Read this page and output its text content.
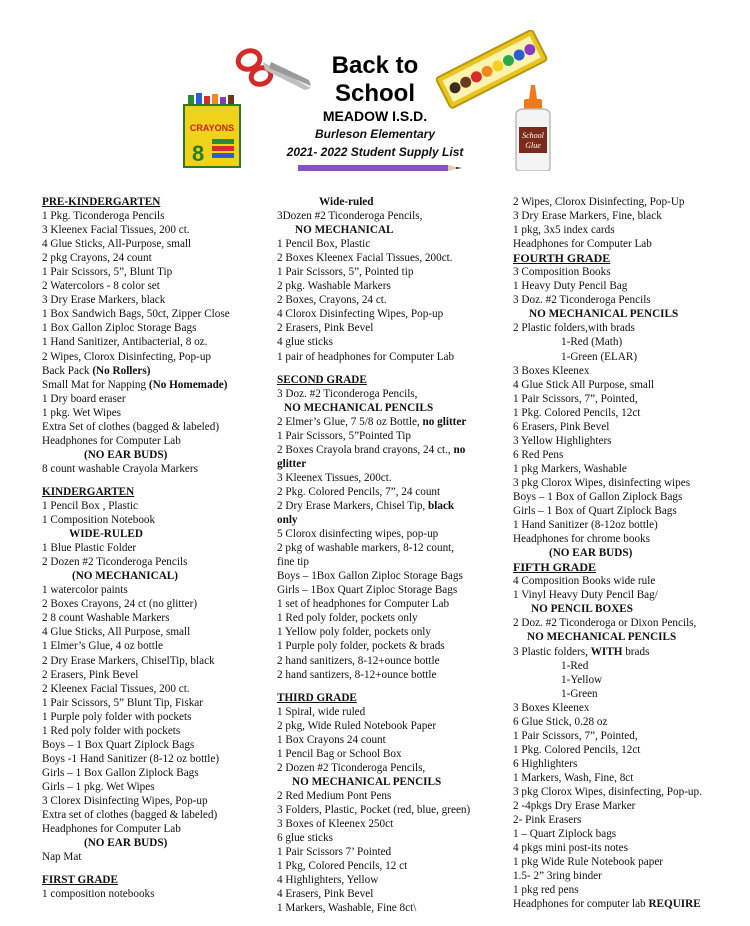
Back to
School
CRAYONS
8
MEADOW I.S.D.
Burleson Elementary
2021- 2022 Student Supply List
School
Glue
PRE-KINDERGARTEN
1 Pkg. Ticonderoga Pencils
3 Kleenex Facial Tissues, 200 ct.
4 Glue Sticks, All-Purpose, small
2 pkg Crayons, 24 count
1 Pair Scissors, 5”, Blunt Tip
2 Watercolors - 8 color set
3 Dry Erase Markers, black
1 Box Sandwich Bags, 50ct, Zipper Close
1 Box Gallon Ziploc Storage Bags
1 Hand Sanitizer, Antibacterial, 8 oz.
2 Wipes, Clorox Disinfecting, Pop-up
Back Pack (No Rollers)
Small Mat for Napping (No Homemade)
1 Dry board eraser
1 pkg. Wet Wipes
Extra Set of clothes (bagged & labeled)
Headphones for Computer Lab
(NO EAR BUDS)
8 count washable Crayola Markers
KINDERGARTEN
1 Pencil Box , Plastic
1 Composition Notebook
WIDE-RULED
1 Blue Plastic Folder
2 Dozen #2 Ticonderoga Pencils
(NO MECHANICAL)
1 watercolor paints
2 Boxes Crayons, 24 ct (no glitter)
2 8 count Washable Markers
4 Glue Sticks, All Purpose, small
1 Elmer’s Glue, 4 oz bottle
2 Dry Erase Markers, ChiselTip, black
2 Erasers, Pink Bevel
2 Kleenex Facial Tissues, 200 ct.
1 Pair Scissors, 5” Blunt Tip, Fiskar
1 Purple poly folder with pockets
1 Red poly folder with pockets
Boys – 1 Box Quart Ziplock Bags
Boys -1 Hand Sanitizer (8-12 oz bottle)
Girls – 1 Box Gallon Ziplock Bags
Girls – 1 pkg. Wet Wipes
3 Clorex Disinfecting Wipes, Pop-up
Extra set of clothes (bagged & labeled)
Headphones for Computer Lab
(NO EAR BUDS)
Nap Mat
FIRST GRADE
1 composition notebooks
Wide-ruled
3Dozen #2 Ticonderoga Pencils,
NO MECHANICAL
1 Pencil Box, Plastic
2 Boxes Kleenex Facial Tissues, 200ct.
1 Pair Scissors, 5”, Pointed tip
2 pkg. Washable Markers
2 Boxes, Crayons, 24 ct.
4 Clorox Disinfecting Wipes, Pop-up
2 Erasers, Pink Bevel
4 glue sticks
1 pair of headphones for Computer Lab
SECOND GRADE
3 Doz. #2 Ticonderoga Pencils,
NO MECHANICAL PENCILS
2 Elmer’s Glue, 7 5/8 oz Bottle, no glitter
1 Pair Scissors, 5”Pointed Tip
2 Boxes Crayola brand crayons, 24 ct., no
glitter
3 Kleenex Tissues, 200ct.
2 Pkg. Colored Pencils, 7”, 24 count
2 Dry Erase Markers, Chisel Tip, black
only
5 Clorox disinfecting wipes, pop-up
2 pkg of washable markers, 8-12 count,
fine tip
Boys – 1Box Gallon Ziploc Storage Bags
Girls – 1Box Quart Ziploc Storage Bags
1 set of headphones for Computer Lab
1 Red poly folder, pockets only
1 Yellow poly folder, pockets only
1 Purple poly folder, pockets & brads
2 hand sanitizers, 8-12+ounce bottle
2 hand santizers, 8-12+ounce bottle
THIRD GRADE
1 Spiral, wide ruled
2 pkg, Wide Ruled Notebook Paper
1 Box Crayons 24 count
1 Pencil Bag or School Box
2 Dozen #2 Ticonderoga Pencils,
NO MECHANICAL PENCILS
2 Red Medium Pont Pens
3 Folders, Plastic, Pocket (red, blue, green)
3 Boxes of Kleenex 250ct
6 glue sticks
1 Pair Scissors 7’ Pointed
1 Pkg, Colored Pencils, 12 ct
4 Highlighters, Yellow
4 Erasers, Pink Bevel
1 Markers, Washable, Fine 8ct\
2 Wipes, Clorox Disinfecting, Pop-Up
3 Dry Erase Markers, Fine, black
1 pkg, 3x5 index cards
Headphones for Computer Lab
FOURTH GRADE
3 Composition Books
1 Heavy Duty Pencil Bag
3 Doz. #2 Ticonderoga Pencils
NO MECHANICAL PENCILS
2 Plastic folders,with brads
1-Red (Math)
1-Green (ELAR)
3 Boxes Kleenex
4 Glue Stick All Purpose, small
1 Pair Scissors, 7”, Pointed,
1 Pkg. Colored Pencils, 12ct
6 Erasers, Pink Bevel
3 Yellow Highlighters
6 Red Pens
1 pkg Markers, Washable
3 pkg Clorox Wipes, disinfecting wipes
Boys – 1 Box of Gallon Ziplock Bags
Girls – 1 Box of Quart Ziplock Bags
1 Hand Sanitizer (8-12oz bottle)
Headphones for chrome books
(NO EAR BUDS)
FIFTH GRADE
4 Composition Books wide rule
1 Vinyl Heavy Duty Pencil Bag/
NO PENCIL BOXES
2 Doz. #2 Ticonderoga or Dixon Pencils,
NO MECHANICAL PENCILS
3 Plastic folders, WITH brads
1-Red
1-Yellow
1-Green
3 Boxes Kleenex
6 Glue Stick, 0.28 oz
1 Pair Scissors, 7”, Pointed,
1 Pkg. Colored Pencils, 12ct
6 Highlighters
1 Markers, Wash, Fine, 8ct
3 pkg Clorox Wipes, disinfecting, Pop-up.
2 -4pkgs Dry Erase Marker
2- Pink Erasers
1 – Quart Ziplock bags
4 pkgs mini post-its notes
1 pkg Wide Rule Notebook paper
1.5- 2” 3ring binder
1 pkg red pens
Headphones for computer lab REQUIRE
